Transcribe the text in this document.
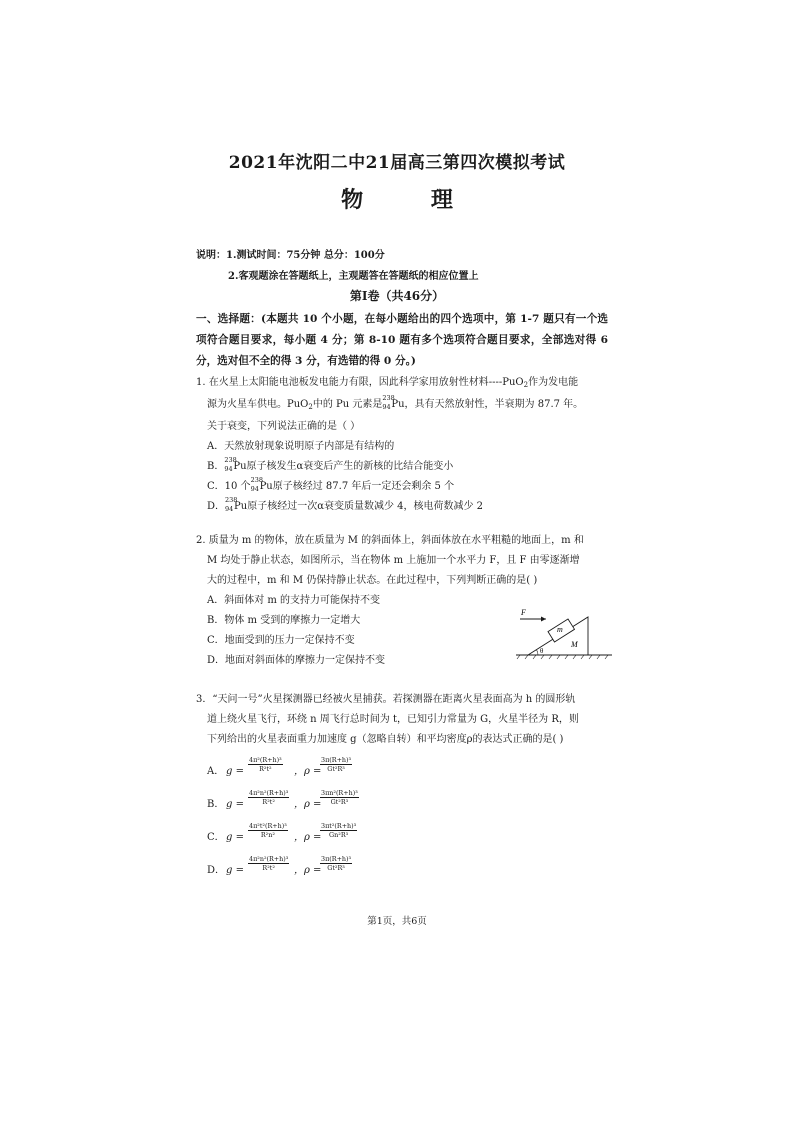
2021年沈阳二中21届高三第四次模拟考试
物 理
说明：1.测试时间：75分钟 总分：100分
2.客观题涂在答题纸上，主观题答在答题纸的相应位置上
第Ⅰ卷（共46分）
一、选择题：(本题共 10 个小题，在每小题给出的四个选项中，第 1-7 题只有一个选项符合题目要求，每小题 4 分；第 8-10 题有多个选项符合题目要求，全部选对得 6 分，选对但不全的得 3 分，有选错的得 0 分。)
1. 在火星上太阳能电池板发电能力有限，因此科学家用放射性材料----PuO$_2$作为发电能
源为火星车供电。PuO$_2$中的 Pu 元素是
238
94 Pu，具有天然放射性，半衰期为 87.7 年。
关于衰变，下列说法正确的是（ ）
A．天然放射现象说明原子内部是有结构的
B．
238
94 Pu原子核发生α衰变后产生的新核的比结合能变小
C．10 个
238
94 Pu原子核经过 87.7 年后一定还会剩余 5 个
D．
238
94 Pu原子核经过一次α衰变质量数减少 4，核电荷数减少 2
2. 质量为 m 的物体，放在质量为 M 的斜面体上，斜面体放在水平粗糙的地面上，m 和
M 均处于静止状态，如图所示，当在物体 m 上施加一个水平力 F，且 F 由零逐渐增
大的过程中，m 和 M 仍保持静止状态。在此过程中，下列判断正确的是( )
A．斜面体对 m 的支持力可能保持不变
B．物体 m 受到的摩擦力一定增大
C．地面受到的压力一定保持不变
D．地面对斜面体的摩擦力一定保持不变
F
m
M
θ
3．“天问一号”火星探测器已经被火星捕获。若探测器在距离火星表面高为 h 的圆形轨
道上绕火星飞行，环绕 n 周飞行总时间为 t，已知引力常量为 G，火星半径为 R，则
下列给出的火星表面重力加速度 g（忽略自转）和平均密度ρ的表达式正确的是( )
A． $g = \frac{\text{4π²(R+h)³}}{\text{R²t²}}$ ，ρ =
$\frac{\text{3π(R+h)³}}{\text{Gt²R³}}$
B． $g = \frac{\text{4π²n²(R+h)³}}{\text{R²t²}}$ ，ρ =
$\frac{\text{3πn²(R+h)³}}{\text{Gt²R³}}$
C． $g = \frac{\text{4π²t²(R+h)³}}{\text{R²n²}}$ ，ρ =
$\frac{\text{3πt²(R+h)³}}{\text{Gn²R³}}$
D． $g = \frac{\text{4π²n²(R+h)³}}{\text{R²t²}}$ ，ρ =
$\frac{\text{3π(R+h)³}}{\text{Gt²R³}}$
第1页，共6页
